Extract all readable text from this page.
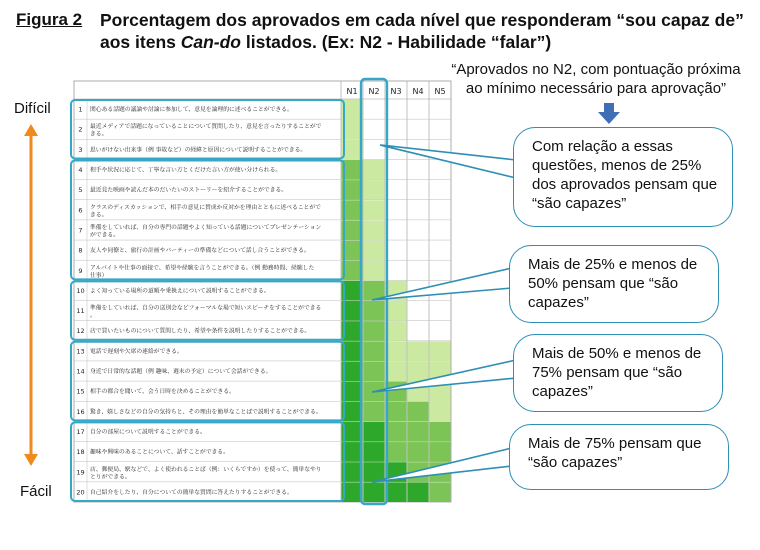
Figura 2 Porcentagem dos aprovados em cada nível que responderam “sou capaz de” aos itens Can-do listados. (Ex: N2 - Habilidade “falar”)
“Aprovados no N2, com pontuação próxima
ao mínimo necessário para aprovação”
Difícil
Fácil
N1 N2 N3 N4 N5
1 関心ある話題の議論や討論に参加して、意見を論理的に述べることができる。
2 最近メディアで話題になっていることについて質問したり、意見を言ったりすることがで
きる。
3 思いがけない出来事（例 事故など）の経緯と原因について説明することができる。
4 相手や状況に応じて、丁寧な言い方とくだけた言い方が使い分けられる。
5 最近見た映画や読んだ本のだいたいのストーリーを紹介することができる。
6 クラスのディスカッションで、相手の意見に賛成か反対かを理由とともに述べることがで
きる。
7 準備をしていれば、自分の専門の話題やよく知っている話題についてプレゼンテーション
ができる。
8 友人や同僚と、旅行の計画やパーティーの準備などについて話し合うことができる。
9 アルバイトや仕事の面接で、希望や経験を言うことができる。（例 勤務時間、経験した
仕事）
10 よく知っている場所の道順や乗換えについて説明することができる。
11 準備をしていれば、自分の送別会などフォーマルな場で短いスピーチをすることができる
。
12 店で買いたいものについて質問したり、希望や条件を説明したりすることができる。
13 電話で遅刻や欠席の連絡ができる。
14 身近で日常的な話題（例 趣味、週末の予定）について会話ができる。
15 相手の都合を聞いて、会う日時を決めることができる。
16 驚き、嬉しさなどの自分の気持ちと、その理由を簡単なことばで説明することができる。
17 自分の部屋について説明することができる。
18 趣味や興味のあることについて、話すことができる。
19 店、郵便局、駅などで、よく使われることば（例：いくらですか）を使って、簡単なやり
とりができる。
20 自己紹介をしたり、自分についての簡単な質問に答えたりすることができる。
Com relação a essas questões, menos de 25% dos aprovados pensam que “são capazes”
Mais de 25% e menos de 50% pensam que “são capazes”
Mais de 50% e menos de 75% pensam que “são capazes”
Mais de 75% pensam que “são capazes”
